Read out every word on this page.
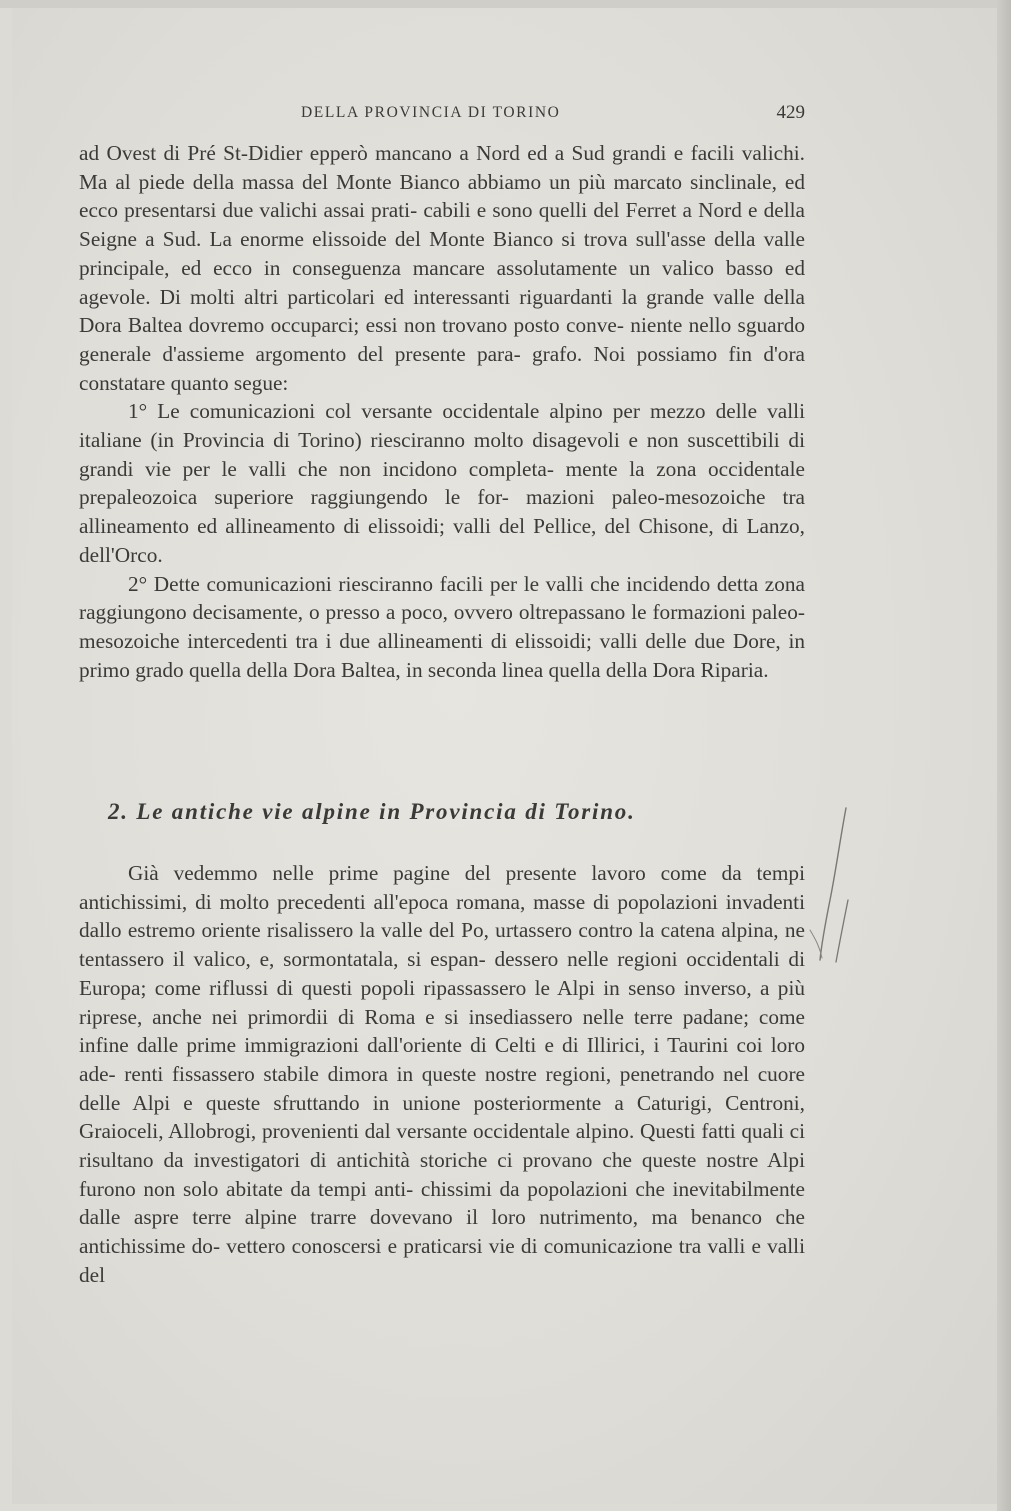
DELLA PROVINCIA DI TORINO	429

ad Ovest di Pré St-Didier epperò mancano a Nord ed a Sud grandi e facili valichi. Ma al piede della massa del Monte Bianco abbiamo un più marcato sinclinale, ed ecco presentarsi due valichi assai prati- cabili e sono quelli del Ferret a Nord e della Seigne a Sud. La enorme elissoide del Monte Bianco si trova sull'asse della valle principale, ed ecco in conseguenza mancare assolutamente un valico basso ed agevole. Di molti altri particolari ed interessanti riguardanti la grande valle della Dora Baltea dovremo occuparci; essi non trovano posto conve- niente nello sguardo generale d'assieme argomento del presente para- grafo. Noi possiamo fin d'ora constatare quanto segue:

1° Le comunicazioni col versante occidentale alpino per mezzo delle valli italiane (in Provincia di Torino) riesciranno molto disagevoli e non suscettibili di grandi vie per le valli che non incidono completa- mente la zona occidentale prepaleozoica superiore raggiungendo le for- mazioni paleo-mesozoiche tra allineamento ed allineamento di elissoidi; valli del Pellice, del Chisone, di Lanzo, dell'Orco.

2° Dette comunicazioni riesciranno facili per le valli che incidendo detta zona raggiungono decisamente, o presso a poco, ovvero oltrepassano le formazioni paleo-mesozoiche intercedenti tra i due allineamenti di elissoidi; valli delle due Dore, in primo grado quella della Dora Baltea, in seconda linea quella della Dora Riparia.

2. Le antiche vie alpine in Provincia di Torino.

Già vedemmo nelle prime pagine del presente lavoro come da tempi antichissimi, di molto precedenti all'epoca romana, masse di popolazioni invadenti dallo estremo oriente risalissero la valle del Po, urtassero contro la catena alpina, ne tentassero il valico, e, sormontatala, si espan- dessero nelle regioni occidentali di Europa; come riflussi di questi popoli ripassassero le Alpi in senso inverso, a più riprese, anche nei primordii di Roma e si insediassero nelle terre padane; come infine dalle prime immigrazioni dall'oriente di Celti e di Illirici, i Taurini coi loro ade- renti fissassero stabile dimora in queste nostre regioni, penetrando nel cuore delle Alpi e queste sfruttando in unione posteriormente a Caturigi, Centroni, Graioceli, Allobrogi, provenienti dal versante occidentale alpino. Questi fatti quali ci risultano da investigatori di antichità storiche ci provano che queste nostre Alpi furono non solo abitate da tempi anti- chissimi da popolazioni che inevitabilmente dalle aspre terre alpine trarre dovevano il loro nutrimento, ma benanco che antichissime do- vettero conoscersi e praticarsi vie di comunicazione tra valli e valli del
